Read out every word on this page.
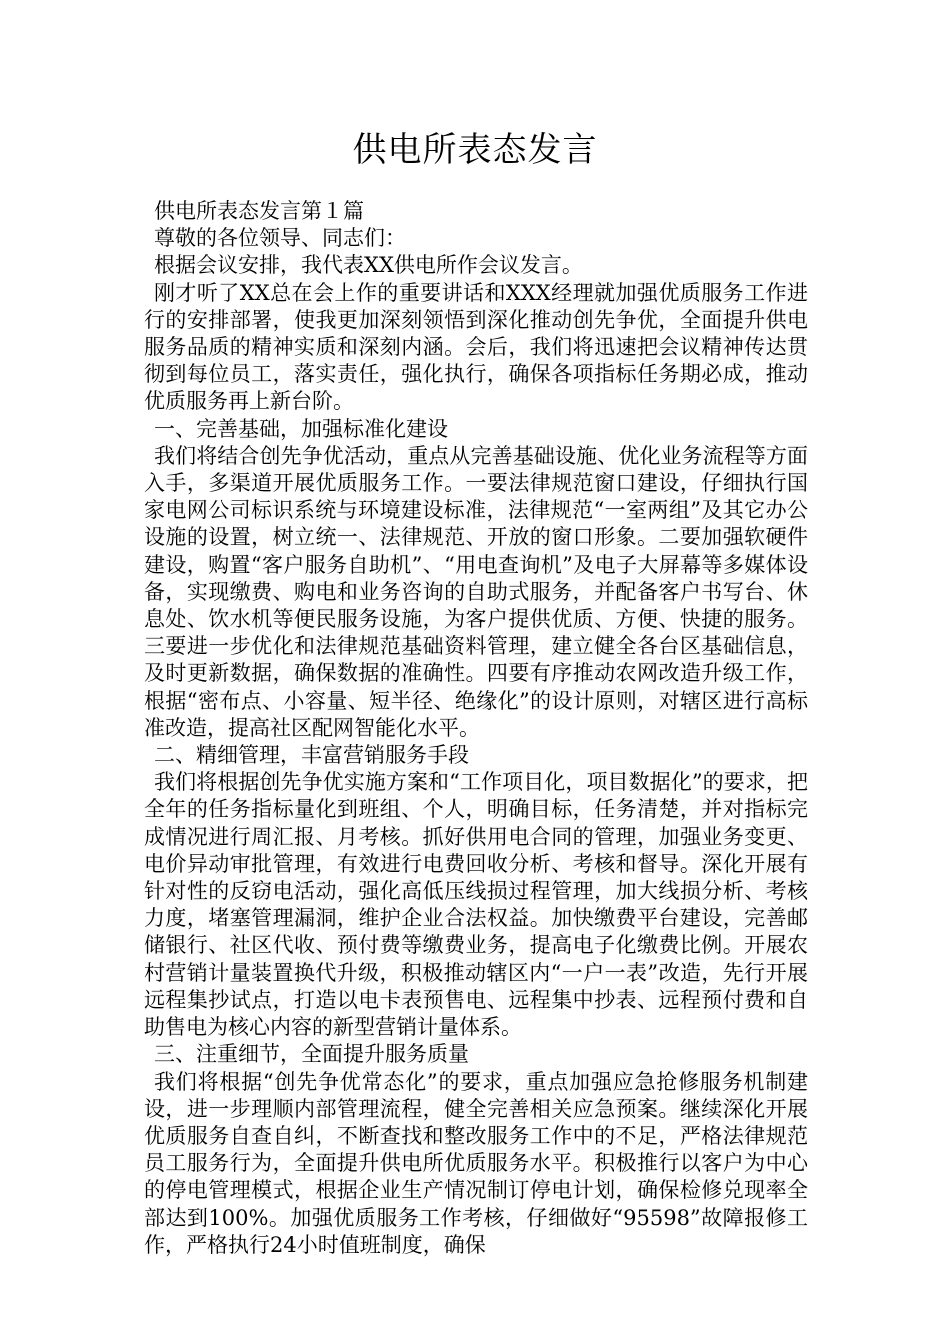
供电所表态发言

供电所表态发言第１篇

尊敬的各位领导、同志们：

根据会议安排，我代表XX供电所作会议发言。

刚才听了XX总在会上作的重要讲话和XXX经理就加强优质服务工作进行的安排部署，使我更加深刻领悟到深化推动创先争优，全面提升供电服务品质的精神实质和深刻内涵。会后，我们将迅速把会议精神传达贯彻到每位员工，落实责任，强化执行，确保各项指标任务期必成，推动优质服务再上新台阶。

一、完善基础，加强标准化建设

我们将结合创先争优活动，重点从完善基础设施、优化业务流程等方面入手，多渠道开展优质服务工作。一要法律规范窗口建设，仔细执行国家电网公司标识系统与环境建设标准，法律规范“一室两组”及其它办公设施的设置，树立统一、法律规范、开放的窗口形象。二要加强软硬件建设，购置“客户服务自助机”、“用电查询机”及电子大屏幕等多媒体设备，实现缴费、购电和业务咨询的自助式服务，并配备客户书写台、休息处、饮水机等便民服务设施，为客户提供优质、方便、快捷的服务。三要进一步优化和法律规范基础资料管理，建立健全各台区基础信息，及时更新数据，确保数据的准确性。四要有序推动农网改造升级工作，根据“密布点、小容量、短半径、绝缘化”的设计原则，对辖区进行高标准改造，提高社区配网智能化水平。

二、精细管理，丰富营销服务手段

我们将根据创先争优实施方案和“工作项目化，项目数据化”的要求，把全年的任务指标量化到班组、个人，明确目标，任务清楚，并对指标完成情况进行周汇报、月考核。抓好供用电合同的管理，加强业务变更、电价异动审批管理，有效进行电费回收分析、考核和督导。深化开展有针对性的反窃电活动，强化高低压线损过程管理，加大线损分析、考核力度，堵塞管理漏洞，维护企业合法权益。加快缴费平台建设，完善邮储银行、社区代收、预付费等缴费业务，提高电子化缴费比例。开展农村营销计量装置换代升级，积极推动辖区内“一户一表”改造，先行开展远程集抄试点，打造以电卡表预售电、远程集中抄表、远程预付费和自助售电为核心内容的新型营销计量体系。

三、注重细节，全面提升服务质量

我们将根据“创先争优常态化”的要求，重点加强应急抢修服务机制建设，进一步理顺内部管理流程，健全完善相关应急预案。继续深化开展优质服务自查自纠，不断查找和整改服务工作中的不足，严格法律规范员工服务行为，全面提升供电所优质服务水平。积极推行以客户为中心的停电管理模式，根据企业生产情况制订停电计划，确保检修兑现率全部达到100%。加强优质服务工作考核，仔细做好“95598”故障报修工作，严格执行24小时值班制度，确保
